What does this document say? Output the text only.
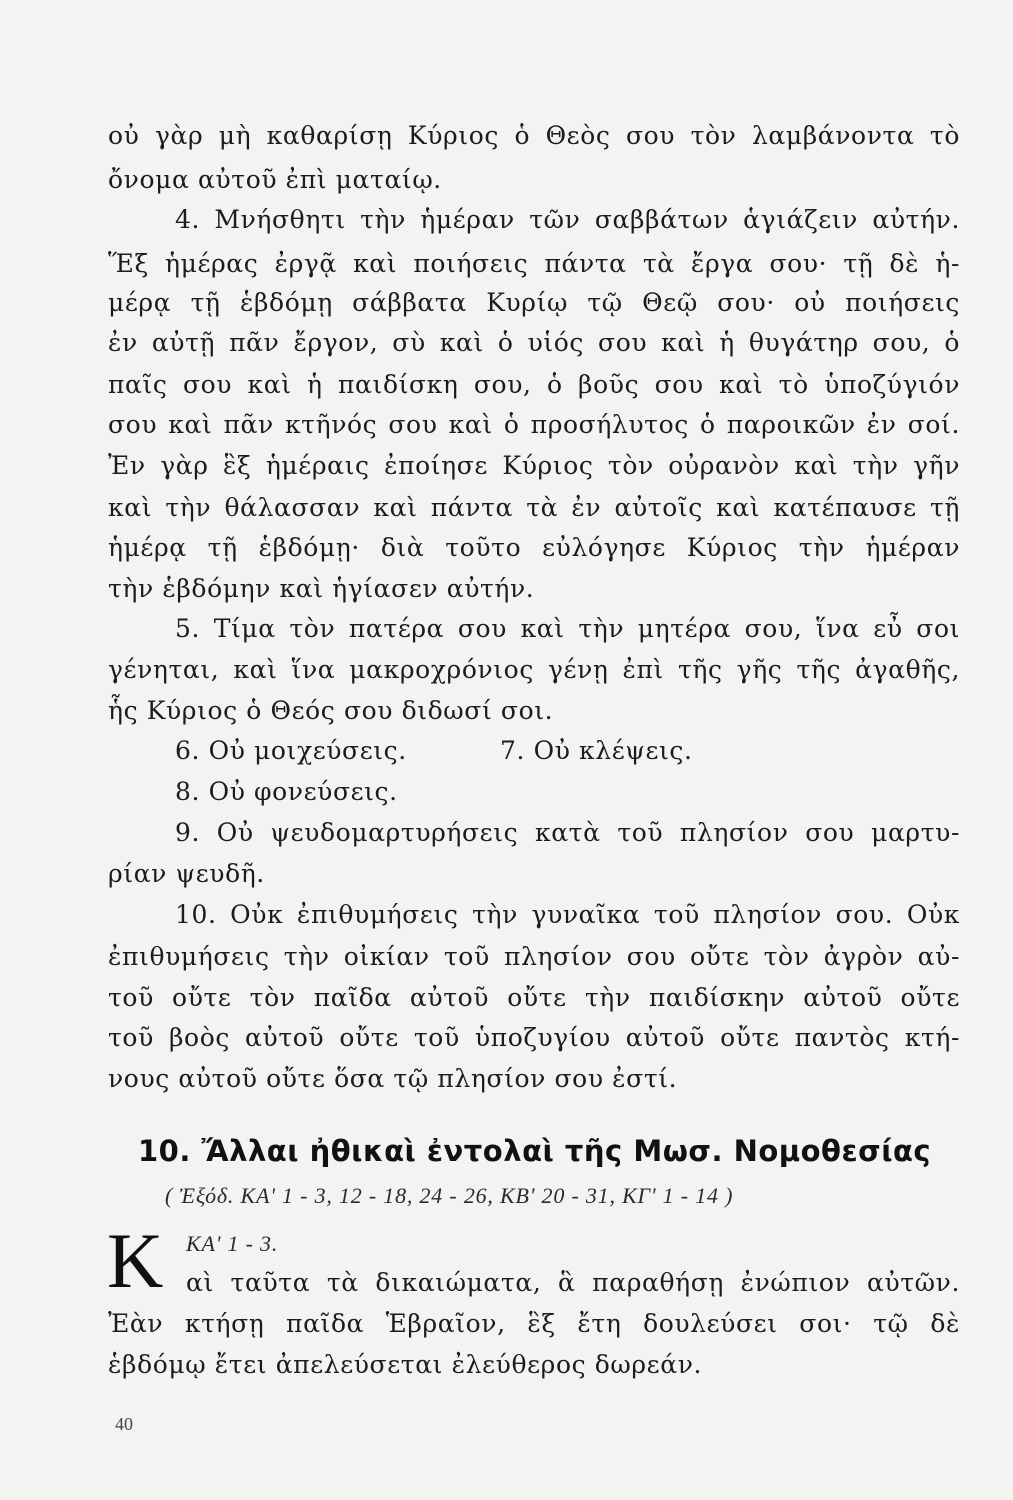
οὐ γὰρ μὴ καθαρίσῃ Κύριος ὁ Θεὸς σου τὸν λαμβάνοντα τὸ
ὄνομα αὐτοῦ ἐπὶ ματαίῳ.
4. Μνήσθητι τὴν ἡμέραν τῶν σαββάτων ἁγιάζειν αὐτήν.
Ἕξ ἡμέρας ἐργᾷ καὶ ποιήσεις πάντα τὰ ἔργα σου· τῇ δὲ ἡ-
μέρᾳ τῇ ἑβδόμῃ σάββατα Κυρίῳ τῷ Θεῷ σου· οὐ ποιήσεις
ἐν αὐτῇ πᾶν ἔργον, σὺ καὶ ὁ υἱός σου καὶ ἡ θυγάτηρ σου, ὁ
παῖς σου καὶ ἡ παιδίσκη σου, ὁ βοῦς σου καὶ τὸ ὑποζύγιόν
σου καὶ πᾶν κτῆνός σου καὶ ὁ προσήλυτος ὁ παροικῶν ἐν σοί.
Ἐν γὰρ ἓξ ἡμέραις ἐποίησε Κύριος τὸν οὐρανὸν καὶ τὴν γῆν
καὶ τὴν θάλασσαν καὶ πάντα τὰ ἐν αὐτοῖς καὶ κατέπαυσε τῇ
ἡμέρᾳ τῇ ἑβδόμῃ· διὰ τοῦτο εὐλόγησε Κύριος τὴν ἡμέραν
τὴν ἑβδόμην καὶ ἡγίασεν αὐτήν.
5. Τίμα τὸν πατέρα σου καὶ τὴν μητέρα σου, ἵνα εὖ σοι
γένηται, καὶ ἵνα μακροχρόνιος γένῃ ἐπὶ τῆς γῆς τῆς ἀγαθῆς,
ἧς Κύριος ὁ Θεός σου διδωσί σοι.
6. Οὐ μοιχεύσεις.	7. Οὐ κλέψεις.
8. Οὐ φονεύσεις.
9. Οὐ ψευδομαρτυρήσεις κατὰ τοῦ πλησίον σου μαρτυ-
ρίαν ψευδῆ.
10. Οὐκ ἐπιθυμήσεις τὴν γυναῖκα τοῦ πλησίον σου. Οὐκ
ἐπιθυμήσεις τὴν οἰκίαν τοῦ πλησίον σου οὔτε τὸν ἀγρὸν αὐ-
τοῦ οὔτε τὸν παῖδα αὐτοῦ οὔτε τὴν παιδίσκην αὐτοῦ οὔτε
τοῦ βοὸς αὐτοῦ οὔτε τοῦ ὑποζυγίου αὐτοῦ οὔτε παντὸς κτή-
νους αὐτοῦ οὔτε ὅσα τῷ πλησίον σου ἐστί.
10. Ἄλλαι ἠθικαὶ ἐντολαὶ τῆς Μωσ. Νομοθεσίας
( Ἐξόδ. ΚΑ' 1 - 3, 12 - 18, 24 - 26, ΚΒ' 20 - 31, ΚΓ' 1 - 14 )
Κ ΚΑ' 1 - 3.
αὶ ταῦτα τὰ δικαιώματα, ἃ παραθήσῃ ἐνώπιον αὐτῶν.
Ἐὰν κτήσῃ παῖδα Ἑβραῖον, ἓξ ἔτη δουλεύσει σοι· τῷ δὲ
ἑβδόμῳ ἔτει ἀπελεύσεται ἐλεύθερος δωρεάν.
40
